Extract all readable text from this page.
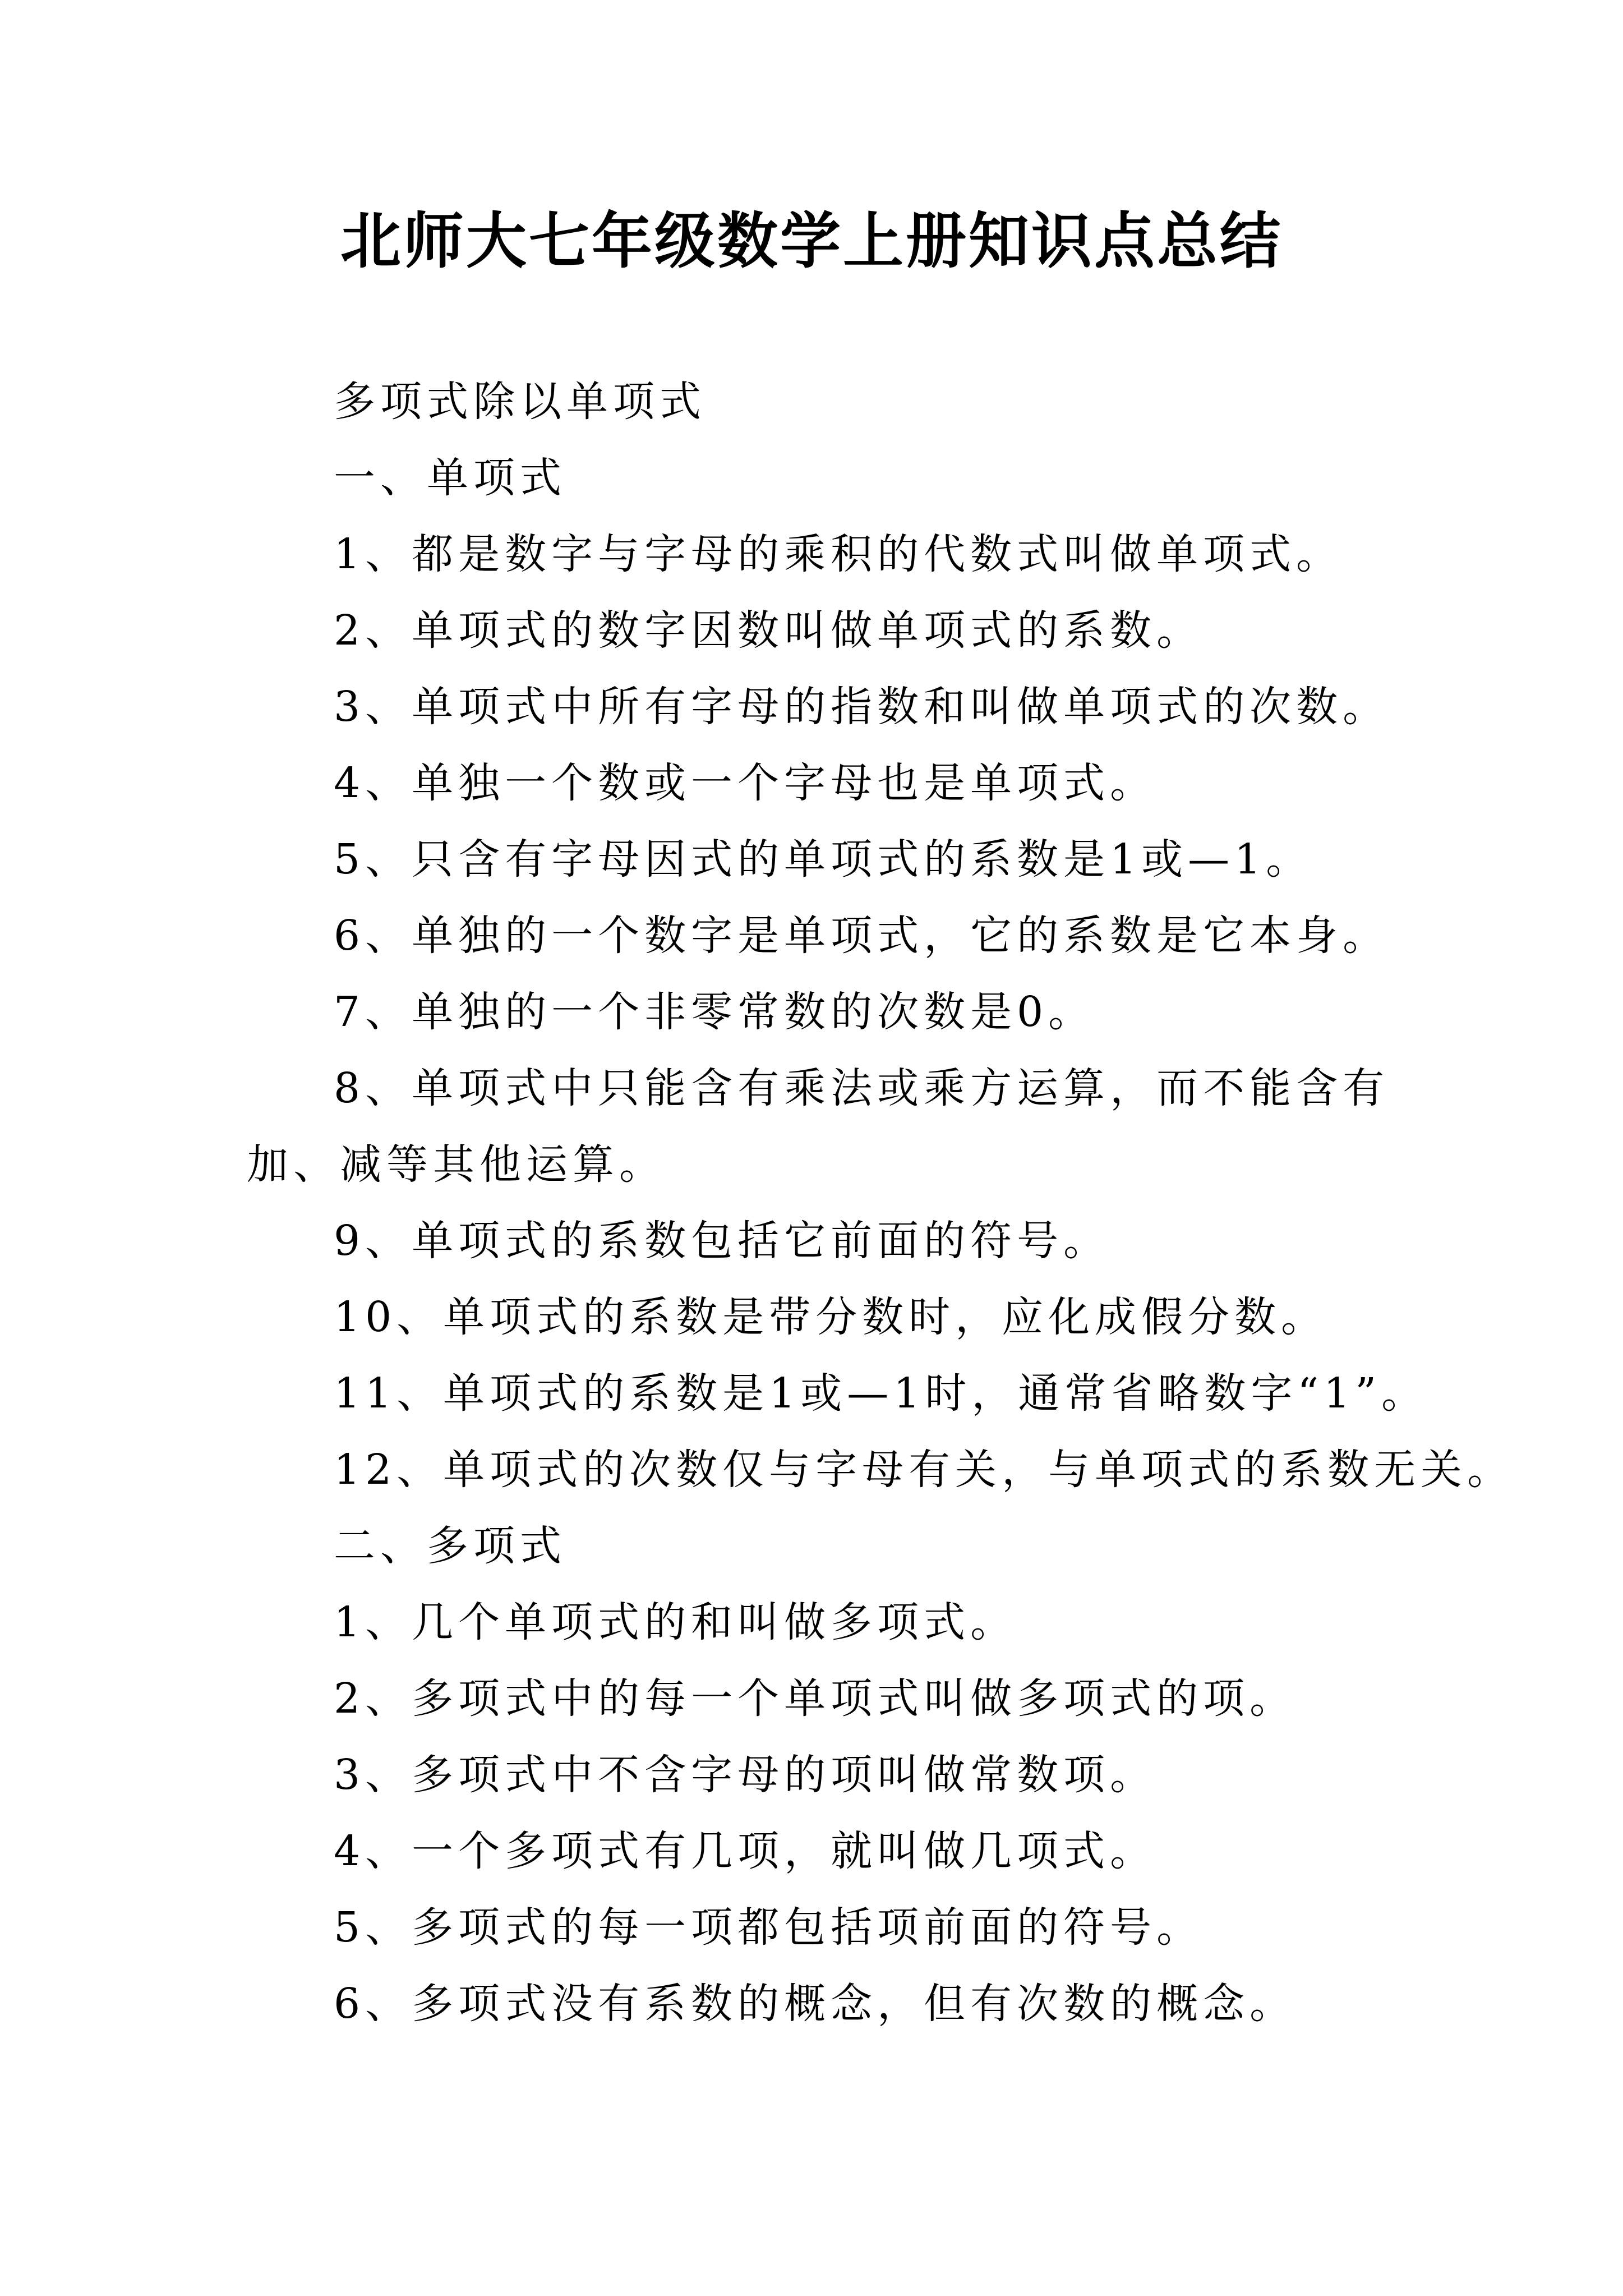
北师大七年级数学上册知识点总结

多项式除以单项式

一、单项式

1、都是数字与字母的乘积的代数式叫做单项式。

2、单项式的数字因数叫做单项式的系数。

3、单项式中所有字母的指数和叫做单项式的次数。

4、单独一个数或一个字母也是单项式。

5、只含有字母因式的单项式的系数是1或—1。

6、单独的一个数字是单项式，它的系数是它本身。

7、单独的一个非零常数的次数是0。

8、单项式中只能含有乘法或乘方运算，而不能含有加、减等其他运算。

9、单项式的系数包括它前面的符号。

10、单项式的系数是带分数时，应化成假分数。

11、单项式的系数是1或—1时，通常省略数字“1”。

12、单项式的次数仅与字母有关，与单项式的系数无关。

二、多项式

1、几个单项式的和叫做多项式。

2、多项式中的每一个单项式叫做多项式的项。

3、多项式中不含字母的项叫做常数项。

4、一个多项式有几项，就叫做几项式。

5、多项式的每一项都包括项前面的符号。

6、多项式没有系数的概念，但有次数的概念。
